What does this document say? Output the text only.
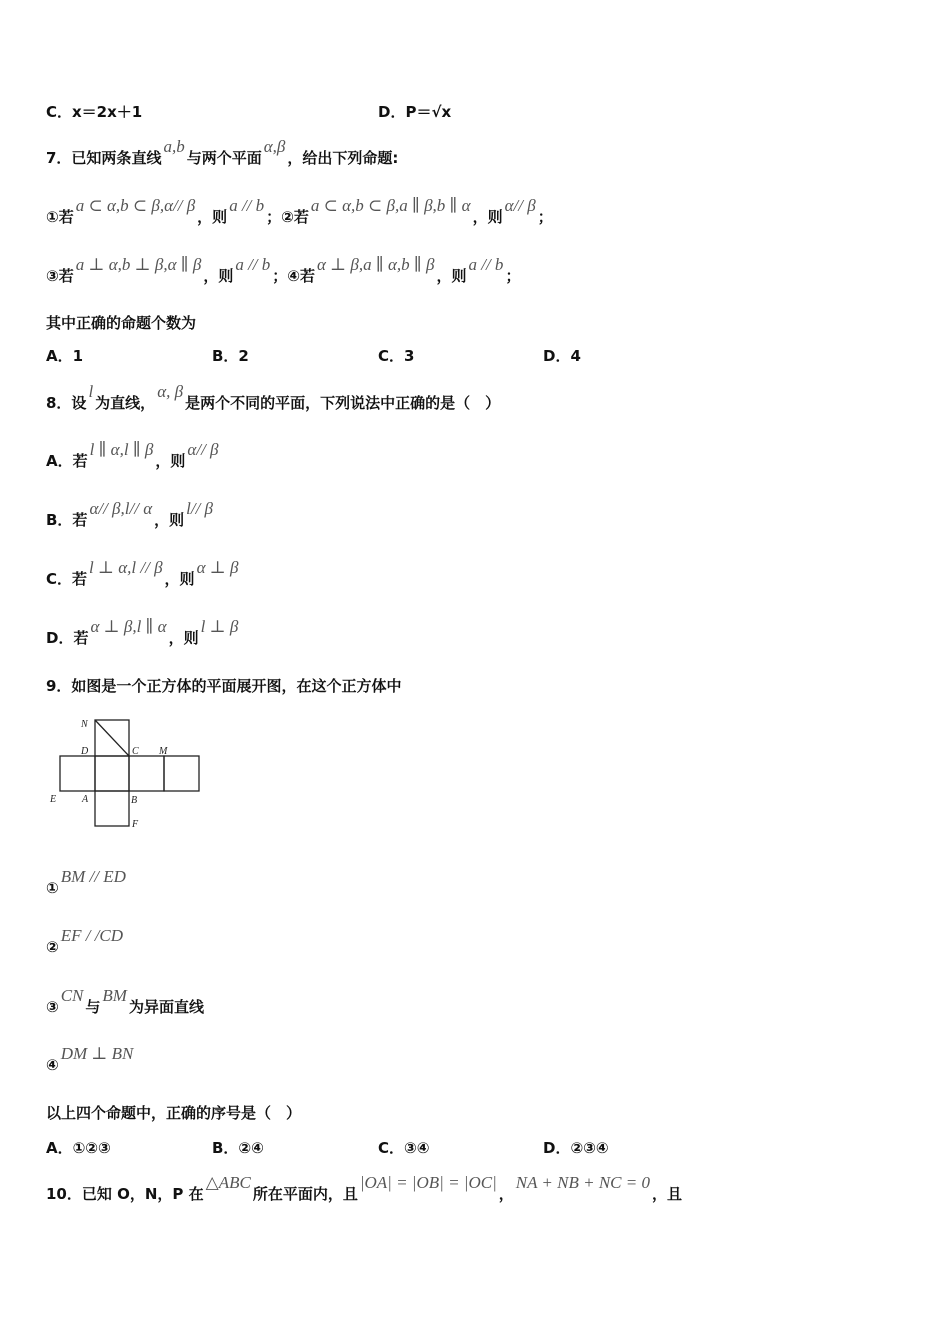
N
D	C M
E	A	B
F
C．x＝2x＋1	D．P＝√x
7．已知两条直线a,b与两个平面α,β，给出下列命题:
①若a ⊂ α,b ⊂ β,α// β，则a // b；②若a ⊂ α,b ⊂ β,a ∥ β,b ∥ α，则α// β；
③若a ⊥ α,b ⊥ β,α ∥ β，则a // b；④若α ⊥ β,a ∥ α,b ∥ β，则a // b；
其中正确的命题个数为
A．1	B．2	C．3	D．4
8．设l为直线，α, β是两个不同的平面，下列说法中正确的是（　）
A．若l ∥ α,l ∥ β，则α// β
B．若α// β,l// α，则l// β
C．若l ⊥ α,l // β，则α ⊥ β
D．若α ⊥ β,l ∥ α，则l ⊥ β
9．如图是一个正方体的平面展开图，在这个正方体中
①BM // ED
②EF / /CD
③CN与BM为异面直线
④DM ⊥ BN
以上四个命题中，正确的序号是（　）
A．①②③	B．②④	C．③④	D．②③④
10．已知 O，N，P 在△ABC所在平面内，且|OA| = |OB| = |OC|，NA + NB + NC = 0，且
